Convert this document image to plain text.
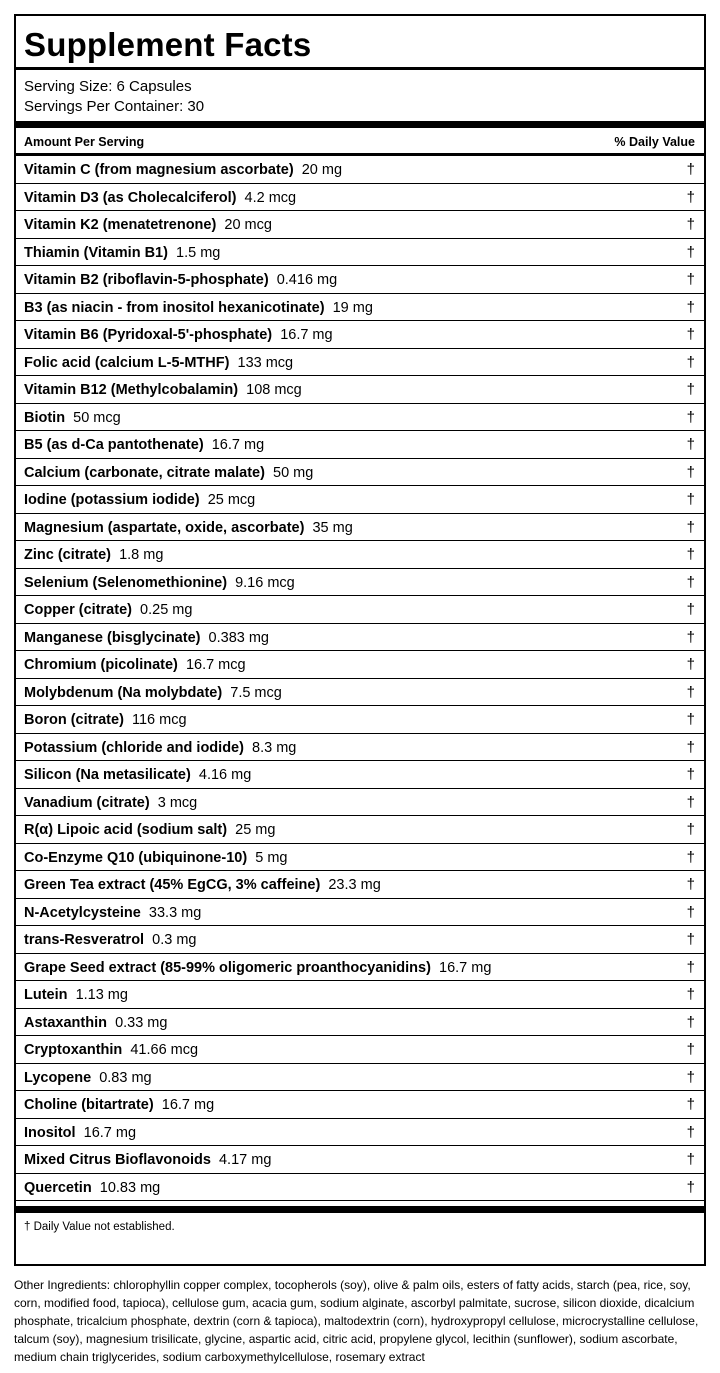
Supplement Facts
Serving Size: 6 Capsules
Servings Per Container: 30
Amount Per Serving	% Daily Value
Vitamin C (from magnesium ascorbate) 20 mg	†
Vitamin D3 (as Cholecalciferol) 4.2 mcg	†
Vitamin K2 (menatetrenone) 20 mcg	†
Thiamin (Vitamin B1) 1.5 mg	†
Vitamin B2 (riboflavin-5-phosphate) 0.416 mg	†
B3 (as niacin - from inositol hexanicotinate) 19 mg	†
Vitamin B6 (Pyridoxal-5'-phosphate) 16.7 mg	†
Folic acid (calcium L-5-MTHF) 133 mcg	†
Vitamin B12 (Methylcobalamin) 108 mcg	†
Biotin 50 mcg	†
B5 (as d-Ca pantothenate) 16.7 mg	†
Calcium (carbonate, citrate malate) 50 mg	†
Iodine (potassium iodide) 25 mcg	†
Magnesium (aspartate, oxide, ascorbate) 35 mg	†
Zinc (citrate) 1.8 mg	†
Selenium (Selenomethionine) 9.16 mcg	†
Copper (citrate) 0.25 mg	†
Manganese (bisglycinate) 0.383 mg	†
Chromium (picolinate) 16.7 mcg	†
Molybdenum (Na molybdate) 7.5 mcg	†
Boron (citrate) 116 mcg	†
Potassium (chloride and iodide) 8.3 mg	†
Silicon (Na metasilicate) 4.16 mg	†
Vanadium (citrate) 3 mcg	†
R(α) Lipoic acid (sodium salt) 25 mg	†
Co-Enzyme Q10 (ubiquinone-10) 5 mg	†
Green Tea extract (45% EgCG, 3% caffeine) 23.3 mg	†
N-Acetylcysteine 33.3 mg	†
trans-Resveratrol 0.3 mg	†
Grape Seed extract (85-99% oligomeric proanthocyanidins) 16.7 mg	†
Lutein 1.13 mg	†
Astaxanthin 0.33 mg	†
Cryptoxanthin 41.66 mcg	†
Lycopene 0.83 mg	†
Choline (bitartrate) 16.7 mg	†
Inositol 16.7 mg	†
Mixed Citrus Bioflavonoids 4.17 mg	†
Quercetin 10.83 mg	†
† Daily Value not established.
Other Ingredients: chlorophyllin copper complex, tocopherols (soy), olive & palm oils, esters of fatty acids, starch (pea, rice, soy, corn, modified food, tapioca), cellulose gum, acacia gum, sodium alginate, ascorbyl palmitate, sucrose, silicon dioxide, dicalcium phosphate, tricalcium phosphate, dextrin (corn & tapioca), maltodextrin (corn), hydroxypropyl cellulose, microcrystalline cellulose, talcum (soy), magnesium trisilicate, glycine, aspartic acid, citric acid, propylene glycol, lecithin (sunflower), sodium ascorbate, medium chain triglycerides, sodium carboxymethylcellulose, rosemary extract
